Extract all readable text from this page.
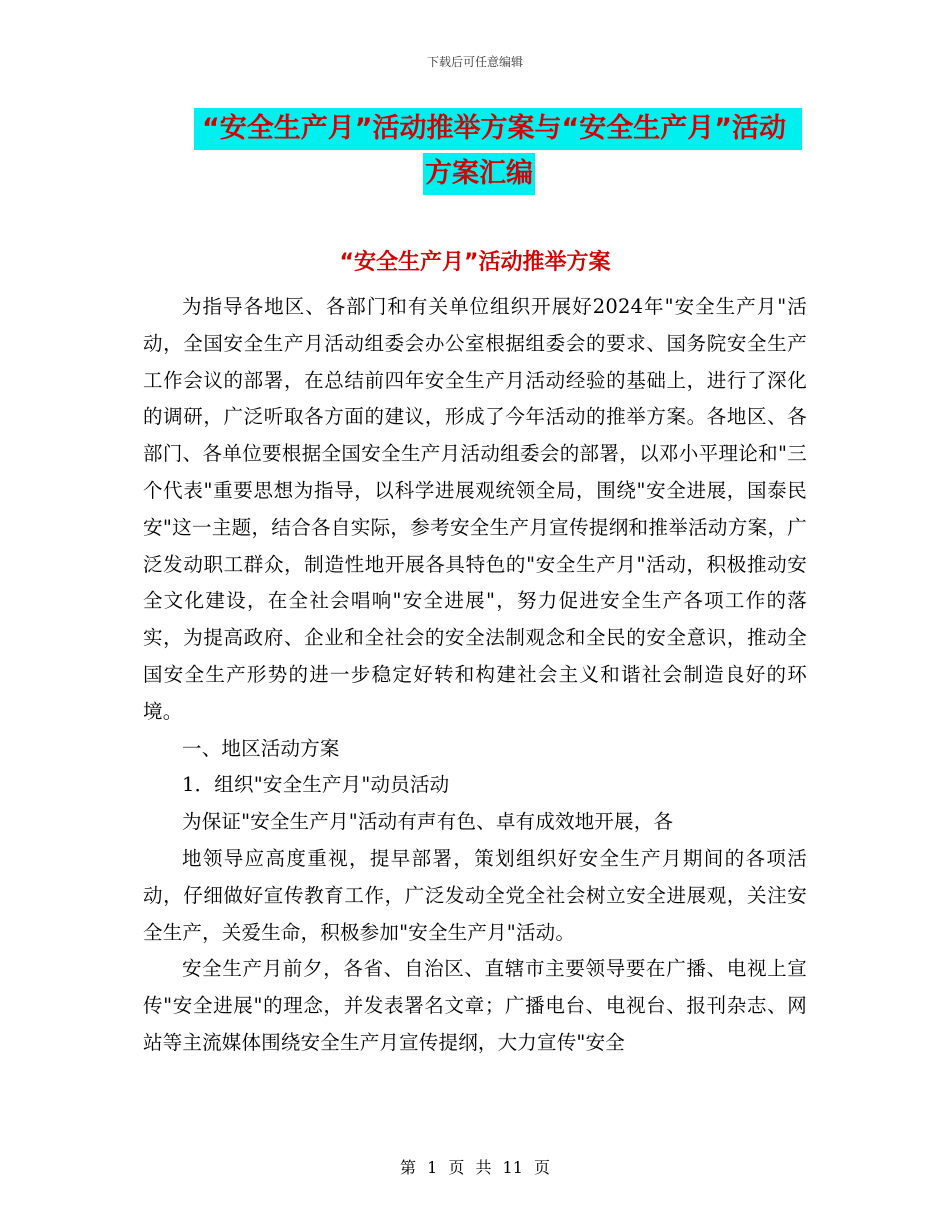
下载后可任意编辑
“安全生产月”活动推举方案与“安全生产月”活动
方案汇编
“安全生产月”活动推举方案

为指导各地区、各部门和有关单位组织开展好2024年"安全生产月"活动，全国安全生产月活动组委会办公室根据组委会的要求、国务院安全生产工作会议的部署，在总结前四年安全生产月活动经验的基础上，进行了深化的调研，广泛听取各方面的建议，形成了今年活动的推举方案。各地区、各部门、各单位要根据全国安全生产月活动组委会的部署，以邓小平理论和"三个代表"重要思想为指导，以科学进展观统领全局，围绕"安全进展，国泰民安"这一主题，结合各自实际，参考安全生产月宣传提纲和推举活动方案，广泛发动职工群众，制造性地开展各具特色的"安全生产月"活动，积极推动安全文化建设，在全社会唱响"安全进展"，努力促进安全生产各项工作的落实，为提高政府、企业和全社会的安全法制观念和全民的安全意识，推动全国安全生产形势的进一步稳定好转和构建社会主义和谐社会制造良好的环境。

一、地区活动方案

1．组织"安全生产月"动员活动

为保证"安全生产月"活动有声有色、卓有成效地开展，各

地领导应高度重视，提早部署，策划组织好安全生产月期间的各项活动，仔细做好宣传教育工作，广泛发动全党全社会树立安全进展观，关注安全生产，关爱生命，积极参加"安全生产月"活动。

安全生产月前夕，各省、自治区、直辖市主要领导要在广播、电视上宣传"安全进展"的理念，并发表署名文章；广播电台、电视台、报刊杂志、网站等主流媒体围绕安全生产月宣传提纲，大力宣传"安全

第 1 页 共 11 页
